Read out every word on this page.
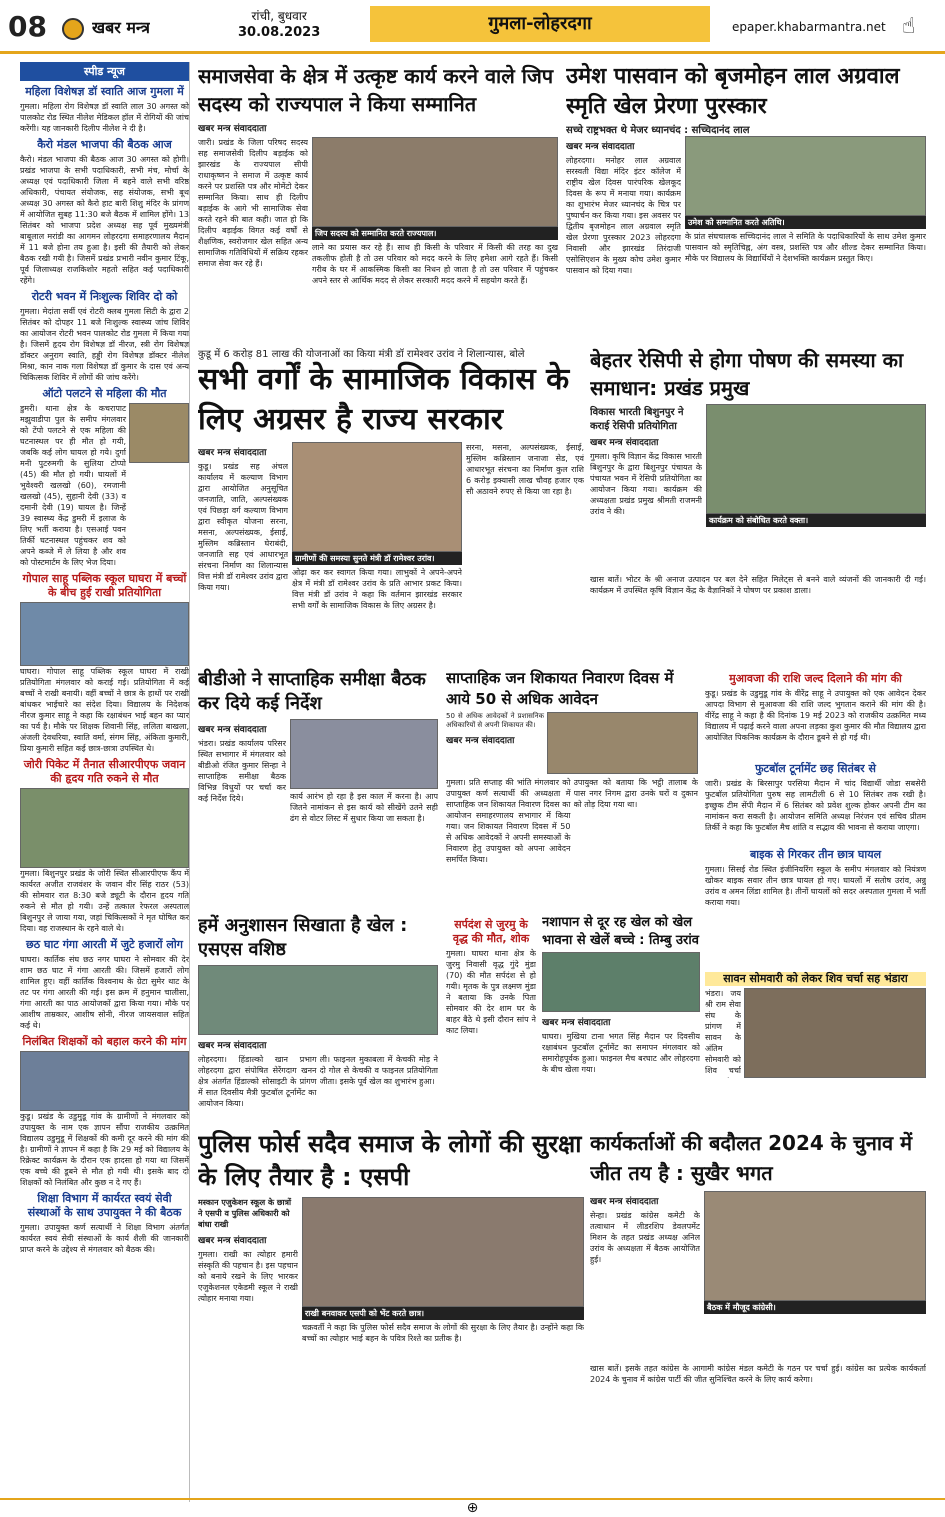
08	खबर मन्त्र
रांची, बुधवार
30.08.2023	गुमला-लोहरदगा	epaper.khabarmantra.net ☝
स्पीड न्यूज
महिला विशेषज्ञ डॉ स्वाति आज गुमला में
गुमला। महिला रोग विशेषज्ञ डॉ स्वाति लाल 30 अगस्त को पालकोट रोड स्थित नीलेश मेडिकल हॉल में रोगियों की जांच करेंगी। यह जानकारी दिलीप नीलेश ने दी है।
कैरो मंडल भाजपा की बैठक आज
कैरो। मंडल भाजपा की बैठक आज 30 अगस्त को होगी। प्रखंड भाजपा के सभी पदाधिकारी, सभी मंच, मोर्चा के अध्यक्ष एवं पदाधिकारी जिला में बहने वाले सभी वरिष्ठ अधिकारी, पंचायत संयोजक, सह संयोजक, सभी बूथ अध्यक्ष 30 अगस्त को कैरो हाट बारी शिशु मंदिर के प्रांगण में आयोजित सुबह 11:30 बजे बैठक में शामिल होंगे। 13 सितंबर को भाजपा प्रदेश अध्यक्ष सह पूर्व मुख्यमंत्री बाबूलाल मरांडी का आगमन लोहरदगा समाहरणालय मैदान में 11 बजे होना तय हुआ है। इसी की तैयारी को लेकर बैठक रखी गयी है। जिसमें प्रखंड प्रभारी नवीन कुमार टिंकू, पूर्व जिलाध्यक्ष राजकिशोर महतो सहित कई पदाधिकारी रहेंगे।
रोटरी भवन में निःशुल्क शिविर दो को
गुमला। मेदांता सर्वी एवं रोटरी क्लब गुमला सिटी के द्वारा 2 सितंबर को दोपहर 11 बजे निःशुल्क स्वास्थ्य जांच शिविर का आयोजन रोटरी भवन पालकोट रोड गुमला में किया गया है। जिसमें हृदय रोग विशेषज्ञ डॉ नीरज, स्त्री रोग विशेषज्ञ डॉक्टर अनुराग स्वाति, हड्डी रोग विशेषज्ञ डॉक्टर नीलेश मिश्रा, कान नाक गला विशेषज्ञ डॉ कुमार के दास एवं अन्य चिकित्सक शिविर में लोगों की जांच करेंगे।
ऑटो पलटने से महिला की मौत
डुमरी। थाना क्षेत्र के कचरापाट मझुवाडीपा पुल के समीप मंगलवार को टेंपो पलटने से एक महिला की घटनास्थल पर ही मौत हो गयी, जबकि कई लोग घायल हो गये। दुर्गा मनी पुटरुमगी के सुलिया टोप्पो (45) की मौत हो गयी। घायलों में भुवेश्वरी खलखो (60), रमजानी खलखो (45), सुहानी देवी (33) व दमानी देवी (19) घायल है। जिन्हें 39 स्वास्थ्य केंद्र डुमरी में इलाज के लिए भर्ती कराया है। एसआई पवन तिर्की घटनास्थल पहुंचकर शव को अपने कब्जे में ले लिया है और शव को पोस्टमार्टम के लिए भेज दिया।
गोपाल साहू पब्लिक स्कूल घाघरा में बच्चों के बीच हुई राखी प्रतियोगिता
घाघरा। गोपाल साहू पब्लिक स्कूल घाघरा में राखी प्रतियोगिता मंगलवार को कराई गई। प्रतियोगिता में कई बच्चों ने राखी बनायी। वहीं बच्चों ने छात्र के हाथों पर राखी बांधकर भाईचारे का संदेश दिया। विद्यालय के निदेशक नीरज कुमार साहू ने कहा कि रक्षाबंधन भाई बहन का प्यार का पर्व है। मौके पर शिक्षक शिवानी सिंह, ललिता बाखला, अंजली देवधरिया, स्वाति वर्मा, संगम सिंह, अंकिता कुमारी, प्रिया कुमारी सहित कई छात्र-छात्रा उपस्थित थे।
जोरी पिकेट में तैनात सीआरपीएफ जवान की हृदय गति रुकने से मौत
गुमला। बिशुनपुर प्रखंड के जोरी स्थित सीआरपीएफ कैंप में कार्यरत अजीत राजवंशर के जवान वीर सिंह राठर (53) की सोमवार रात 8:30 बजे ड्यूटी के दौरान हृदय गति रुकने से मौत हो गयी। उन्हें तत्काल रेफरल अस्पताल बिशुनपुर ले जाया गया, जहां चिकित्सकों ने मृत घोषित कर दिया। वह राजस्थान के रहने वाले थे।
छठ घाट गंगा आरती में जुटे हजारों लोग
घाघरा। कार्तिक संघ छठ नगर घाघरा ने सोमवार की देर शाम छठ घाट में गंगा आरती की। जिसमें हजारों लोग शामिल हुए। वहीं कार्तिक विश्वनाथ के ग्रेटा सुमेर थाट के तट पर गंगा आरती की गई। इस क्रम में हनुमान चालीसा, गंगा आरती का पाठ आयोजकों द्वारा किया गया। मौके पर आशीष ताम्रकार, आशीष सोनी, नीरज जायसवाल सहित कई थे।
निलंबित शिक्षकों को बहाल करने की मांग
कुडू। प्रखंड के उडुमुडू गांव के ग्रामीणों ने मंगलवार को उपायुक्त के नाम एक ज्ञापन सौंपा राजकीय उत्क्रमित विद्यालय उडुमुडू में शिक्षकों की कमी दूर करने की मांग की है। ग्रामीणों ने ज्ञापन में कहा है कि 29 मई को विद्यालय के रिक्रेक्ट कार्यक्रम के दौरान एक हादसा हो गया था जिसमें एक बच्चे की डूबने से मौत हो गयी थी। इसके बाद दो शिक्षकों को निलंबित और कुछ न दे गए हैं।
शिक्षा विभाग में कार्यरत स्वयं सेवी संस्थाओं के साथ उपायुक्त ने की बैठक
गुमला। उपायुक्त कर्ण सत्यार्थी ने शिक्षा विभाग अंतर्गत कार्यरत स्वयं सेवी संस्थाओं के कार्य शैली की जानकारी प्राप्त करने के उद्देश्य से मंगलवार को बैठक की।
समाजसेवा के क्षेत्र में उत्कृष्ट कार्य करने वाले जिप सदस्य को राज्यपाल ने किया सम्मानित
खबर मन्त्र संवाददाता
जारी। प्रखंड के जिला परिषद सदस्य सह समाजसेवी दिलीप बड़ाईक को झारखंड के राज्यपाल सीपी राधाकृष्णन ने समाज में उत्कृष्ट कार्य करने पर प्रशस्ति पत्र और मोमेंटो देकर सम्मानित किया। साथ ही दिलीप बड़ाईक के आगे भी सामाजिक सेवा करते रहने की बात कही। जात हो कि दिलीप बड़ाईक विगत कई वर्षों से शैक्षणिक, स्वरोजगार खेल सहित अन्य सामाजिक गतिविधियों में सक्रिय रहकर समाज सेवा कर रहे हैं।
जिप सदस्य को सम्मानित करते राज्यपाल।
लाने का प्रयास कर रहे हैं। साथ ही किसी के परिवार में किसी की तरह का दुख तकलीफ होती है तो उस परिवार को मदद करने के लिए हमेशा आगे रहते हैं। किसी गरीब के घर में आकस्मिक किसी का निधन हो जाता है तो उस परिवार में पहुंचकर अपने स्तर से आर्थिक मदद से लेकर सरकारी मदद करने में सहयोग करते हैं।
उमेश पासवान को बृजमोहन लाल अग्रवाल स्मृति खेल प्रेरणा पुरस्कार
सच्चे राष्ट्रभक्त थे मेजर ध्यानचंद : सच्चिदानंद लाल
खबर मन्त्र संवाददाता
लोहरदगा। मनोहर लाल अग्रवाल सरस्वती विद्या मंदिर इंटर कॉलेज में राष्ट्रीय खेल दिवस पारंपरिक खेलकूद दिवस के रूप में मनाया गया। कार्यक्रम का शुभारंभ मेजर ध्यानचंद के चित्र पर पुष्पार्चन कर किया गया। इस अवसर पर द्वितीय बृजमोहन लाल अग्रवाल स्मृति खेल प्रेरणा पुरस्कार 2023 लोहरदगा निवासी और झारखंड तिरंदाजी एसोसिएशन के मुख्य कोच उमेश कुमार पासवान को दिया गया।
उमेश को सम्मानित करते अतिथि।
के प्रांत संघचालक सच्चिदानंद लाल ने समिति के पदाधिकारियों के साथ उमेश कुमार पासवान को स्मृतिचिह्न, अंग वस्त्र, प्रशस्ति पत्र और शील्ड देकर सम्मानित किया। मौके पर विद्यालय के विद्यार्थियों ने देशभक्ति कार्यक्रम प्रस्तुत किए।
कुडू में 6 करोड़ 81 लाख की योजनाओं का किया मंत्री डॉ रामेश्वर उरांव ने शिलान्यास, बोले
सभी वर्गों के सामाजिक विकास के लिए अग्रसर है राज्य सरकार
खबर मन्त्र संवाददाता
कुडू। प्रखंड सह अंचल कार्यालय में कल्याण विभाग द्वारा आयोजित अनुसूचित जनजाति, जाति, अल्पसंख्यक एवं पिछड़ा वर्ग कल्याण विभाग द्वारा स्वीकृत योजना सरना, मसना, अल्पसंख्यक, ईसाई, मुस्लिम कब्रिस्तान घेराबंदी, जनजाति सह एवं आधारभूत संरचना निर्माण का शिलान्यास वित्त मंत्री डॉ रामेश्वर उरांव द्वारा किया गया।
ग्रामीणों की समस्या सुनते मंत्री डॉ रामेश्वर उरांव।
ओढ़ा कर कर स्वागत किया गया। लाभुकों ने अपने-अपने क्षेत्र में मंत्री डॉ रामेश्वर उरांव के प्रति आभार प्रकट किया। वित्त मंत्री डॉ उरांव ने कहा कि वर्तमान झारखंड सरकार सभी वर्गों के सामाजिक विकास के लिए अग्रसर है।
सरना, मसना, अल्पसंख्यक, ईसाई, मुस्लिम कब्रिस्तान जनाजा सेड, एवं आधारभूत संरचना का निर्माण कुल राशि 6 करोड़ इक्यासी लाख चौवह हजार एक सौ अठावने रुपए से किया जा रहा है।
बेहतर रेसिपी से होगा पोषण की समस्या का समाधान: प्रखंड प्रमुख
विकास भारती बिशुनपुर ने कराई रेसिपी प्रतियोगिता
खबर मन्त्र संवाददाता
गुमला। कृषि विज्ञान केंद्र विकास भारती बिशुनपुर के द्वारा बिशुनपुर पंचायत के पंचायत भवन में रेसिपी प्रतियोगिता का आयोजन किया गया। कार्यक्रम की अध्यक्षता प्रखंड प्रमुख श्रीमती राजमनी उरांव ने की।
कार्यक्रम को संबोधित करते वक्ता।
खास बातें। भोटर के श्री अनाज उत्पादन पर बल देने सहित मिलेट्स से बनने वाले व्यंजनों की जानकारी दी गई। कार्यक्रम में उपस्थित कृषि विज्ञान केंद्र के वैज्ञानिकों ने पोषण पर प्रकाश डाला।
मुआवजा की राशि जल्द दिलाने की मांग की
कुडू। प्रखंड के उडुमुडू गांव के वीरेंद्र साहू ने उपायुक्त को एक आवेदन देकर आपदा विभाग से मुआवजा की राशि जल्द भुगतान कराने की मांग की है। वीरेंद्र साहू ने कहा है की दिनांक 19 मई 2023 को राजकीय उत्क्रमित मध्य विद्यालय में पढ़ाई करने वाला अपना लड़का कुश कुमार की मौत विद्यालय द्वारा आयोजित पिकनिक कार्यक्रम के दौरान डूबने से हो गई थी।
फुटबॉल टूर्नामेंट छह सितंबर से
जारी। प्रखंड के बिरसापुर परसिया मैदान में चांद विद्यार्थी जोडा सबसेरी फुटबॉल प्रतियोगिता पुरुष सह लामटीली 6 से 10 सितंबर तक रखी है। इच्छुक टीम सेंपी मैदान में 6 सितंबर को प्रवेश शुल्क होकर अपनी टीम का नामांकन करा सकती है। आयोजन समिति अध्यक्ष निरंजन एवं सचिव प्रीतम तिर्की ने कहा कि फुटबॉल मैच शांति व सद्भाव की भावना से कराया जाएगा।
बाइक से गिरकर तीन छात्र घायल
गुमला। सिसई रोड स्थित इंजीनियरिंग स्कूल के समीप मंगलवार को नियंत्रण खोकर बाइक सवार तीन छात्र घायल हो गए। घायलों में सतोष उरांव, अन्नु उरांव व अमन लिंडा शामिल है। तीनों घायलों को सदर अस्पताल गुमला में भर्ती कराया गया।
बीडीओ ने साप्ताहिक समीक्षा बैठक कर दिये कई निर्देश
खबर मन्त्र संवाददाता
भंडरा। प्रखंड कार्यालय परिसर स्थित सभागार में मंगलवार को बीडीओ रंजित कुमार सिन्हा ने साप्ताहिक समीक्षा बैठक विभिन्न विधुयों पर चर्चा कर कई निर्देश दिये।	कार्य आरंभ हो रहा है इस काल में करना है। आप जितने नामांकन से इस कार्य को सीखेंगे उतने सही ढंग से वोटर लिस्ट में सुधार किया जा सकता है।
साप्ताहिक जन शिकायत निवारण दिवस में आये 50 से अधिक आवेदन
50 से अधिक आवेदकों ने प्रशासनिक अधिकारियों से अपनी शिकायत की।
खबर मन्त्र संवाददाता
गुमला। प्रति सप्ताह की भांति मंगलवार को उपायुक्त कर्ण सत्यार्थी की अध्यक्षता में साप्ताहिक जन शिकायत निवारण दिवस का आयोजन समाहरणालय सभागार में किया गया। जन शिकायत निवारण दिवस में 50 से अधिक आवेदकों ने अपनी समस्याओं के निवारण हेतु उपायुक्त को अपना आवेदन समर्पित किया।
उपायुक्त को बताया कि भट्ठी तालाब के पास नगर निगम द्वारा उनके घरों व दुकान को तोड़ दिया गया था।
सावन सोमवारी को लेकर शिव चर्चा सह भंडारा
भंडरा। जय श्री राम सेवा संघ के प्रांगण में सावन के अंतिम सोमवारी को शिव चर्चा
हमें अनुशासन सिखाता है खेल : एसएस वशिष्ठ
खबर मन्त्र संवाददाता
लोहरदगा। हिंडाल्को खान प्रभाग लोहरदगा द्वारा संपोषित सेरेंगदाग खनन क्षेत्र अंतर्गत हिंडाल्को सोसाइटी के प्रांगण में सात दिवसीय मैत्री फुटबॉल टूर्नामेंट का आयोजन किया।
ली। फाइनल मुकाबला में केचकी मोड़ ने दो गोल से केचकी व फाइनल प्रतियोगिता जीता। इसके पूर्व खेल का शुभारंभ हुआ।
सर्पदंश से जुरमु के वृद्ध की मौत, शोक
गुमला। घाघरा थाना क्षेत्र के जुरमु निवासी वृद्ध गुंदे मुंडा (70) की मौत सर्पदंश से हो गयी। मृतक के पुत्र लक्ष्मण मुंडा ने बताया कि उनके पिता सोमवार की देर शाम घर के बाहर बैठे थे इसी दौरान सांप ने काट लिया।
नशापान से दूर रह खेल को खेल भावना से खेलें बच्चे : तिम्बु उरांव
खबर मन्त्र संवाददाता
घाघरा। मुखिया टाना भगत सिंह मैदान पर दिवसीय रक्षाबंधन फुटबॉल टूर्नामेंट का समापन मंगलवार को समारोहपूर्वक हुआ। फाइनल मैच बरघाट और लोहरदगा के बीच खेला गया।
पुलिस फोर्स सदैव समाज के लोगों की सुरक्षा के लिए तैयार है : एसपी
मस्कान एजुकेशन स्कूल के छात्रों ने एसपी व पुलिस अधिकारी को बांधा राखी
खबर मन्त्र संवाददाता
गुमला। राखी का त्योहार हमारी संस्कृति की पहचान है। इस पहचान को बनाये रखने के लिए भारकर एजुकेशनल एकेडमी स्कूल ने राखी त्योहार मनाया गया।
राखी बनवाकर एसपी को भेंट करते छात्र।
चक्रवर्ती ने कहा कि पुलिस फोर्स सदैव समाज के लोगों की सुरक्षा के लिए तैयार है। उन्होंने कहा कि बच्चों का त्योहार भाई बहन के पवित्र रिश्ते का प्रतीक है।
कार्यकर्ताओं की बदौलत 2024 के चुनाव में जीत तय है : सुखैर भगत
खबर मन्त्र संवाददाता
सेन्हा। प्रखंड कांग्रेस कमेटी के तत्वाधान में लीडरशिप डेवलपमेंट मिशन के तहत प्रखंड अध्यक्ष अनिल उरांव के अध्यक्षता में बैठक आयोजित हुई।
बैठक में मौजूद कांग्रेसी।
खास बातें। इसके तहत कांग्रेस के आगामी कांग्रेस मंडल कमेटी के गठन पर चर्चा हुई। कांग्रेस का प्रत्येक कार्यकर्ता 2024 के चुनाव में कांग्रेस पार्टी की जीत सुनिश्चित करने के लिए कार्य करेगा।
⊕
